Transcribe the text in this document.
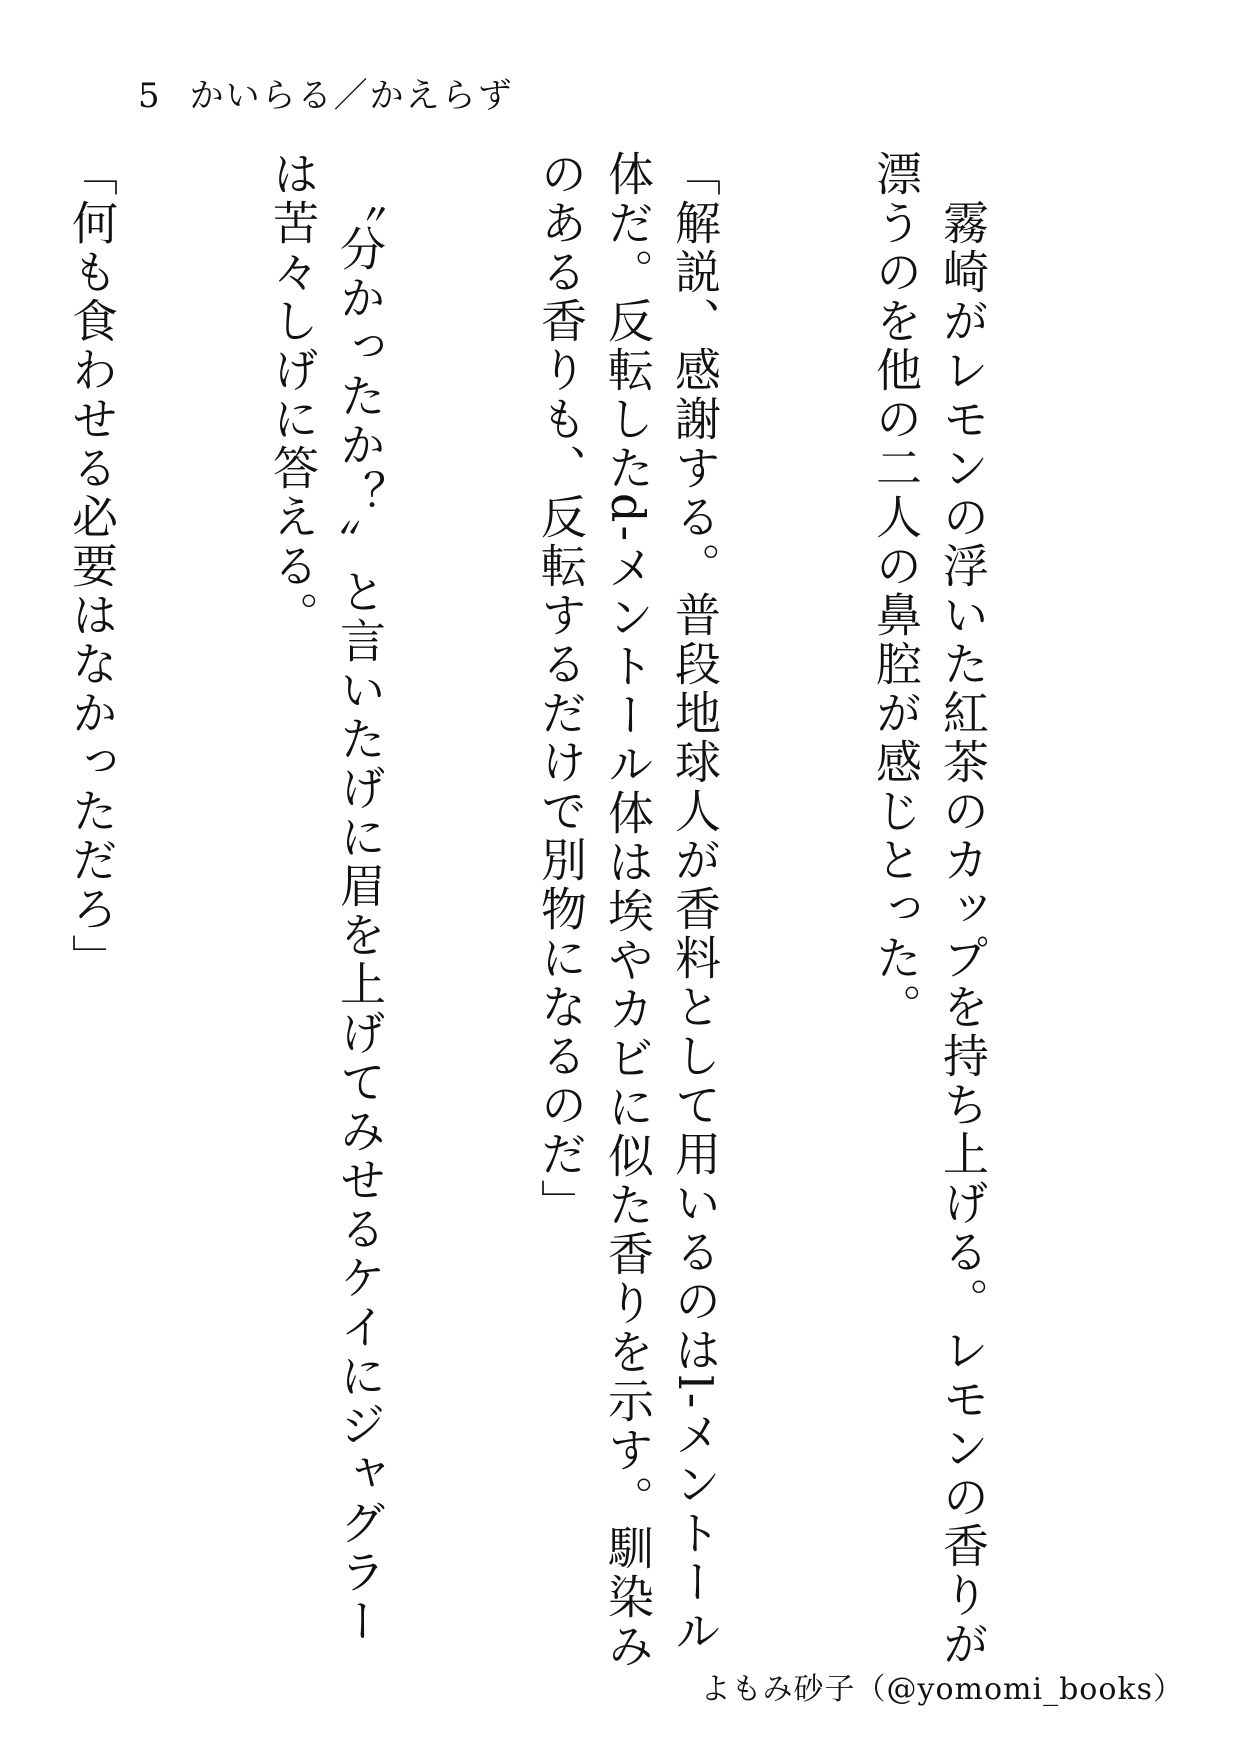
5 かいらる／かえらず

　霧崎がレモンの浮いた紅茶のカップを持ち上げる。レモンの香りが漂うのを他の二人の鼻腔が感じとった。

「解説、感謝する。普段地球人が香料として用いるのはl-メントール体だ。反転したd-メントール体は埃やカビに似た香りを示す。馴染みのある香りも、反転するだけで別物になるのだ」

　〝分かったか？〟と言いたげに眉を上げてみせるケイにジャグラーは苦々しげに答える。

「何も食わせる必要はなかっただろ」

よもみ砂子（@yomomi_books）
